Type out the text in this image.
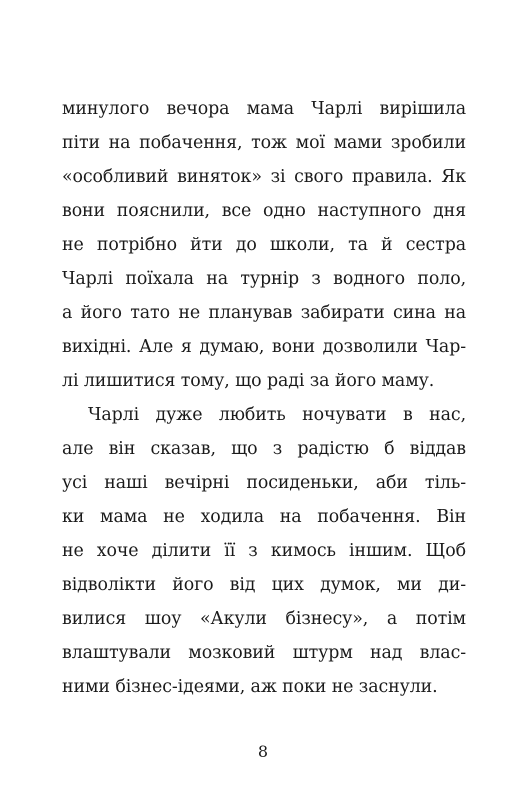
минулого вечора мама Чарлі вирішила
піти на побачення, тож мої мами зробили
«особливий виняток» зі свого правила. Як
вони пояснили, все одно наступного дня
не потрібно йти до школи, та й сестра
Чарлі поїхала на турнір з водного поло,
а його тато не планував забирати сина на
вихідні. Але я думаю, вони дозволили Чар-
лі лишитися тому, що раді за його маму.
Чарлі дуже любить ночувати в нас,
але він сказав, що з радістю б віддав
усі наші вечірні посиденьки, аби тіль-
ки мама не ходила на побачення. Він
не хоче ділити її з кимось іншим. Щоб
відволікти його від цих думок, ми ди-
вилися шоу «Акули бізнесу», а потім
влаштували мозковий штурм над влас-
ними бізнес-ідеями, аж поки не заснули.
8
